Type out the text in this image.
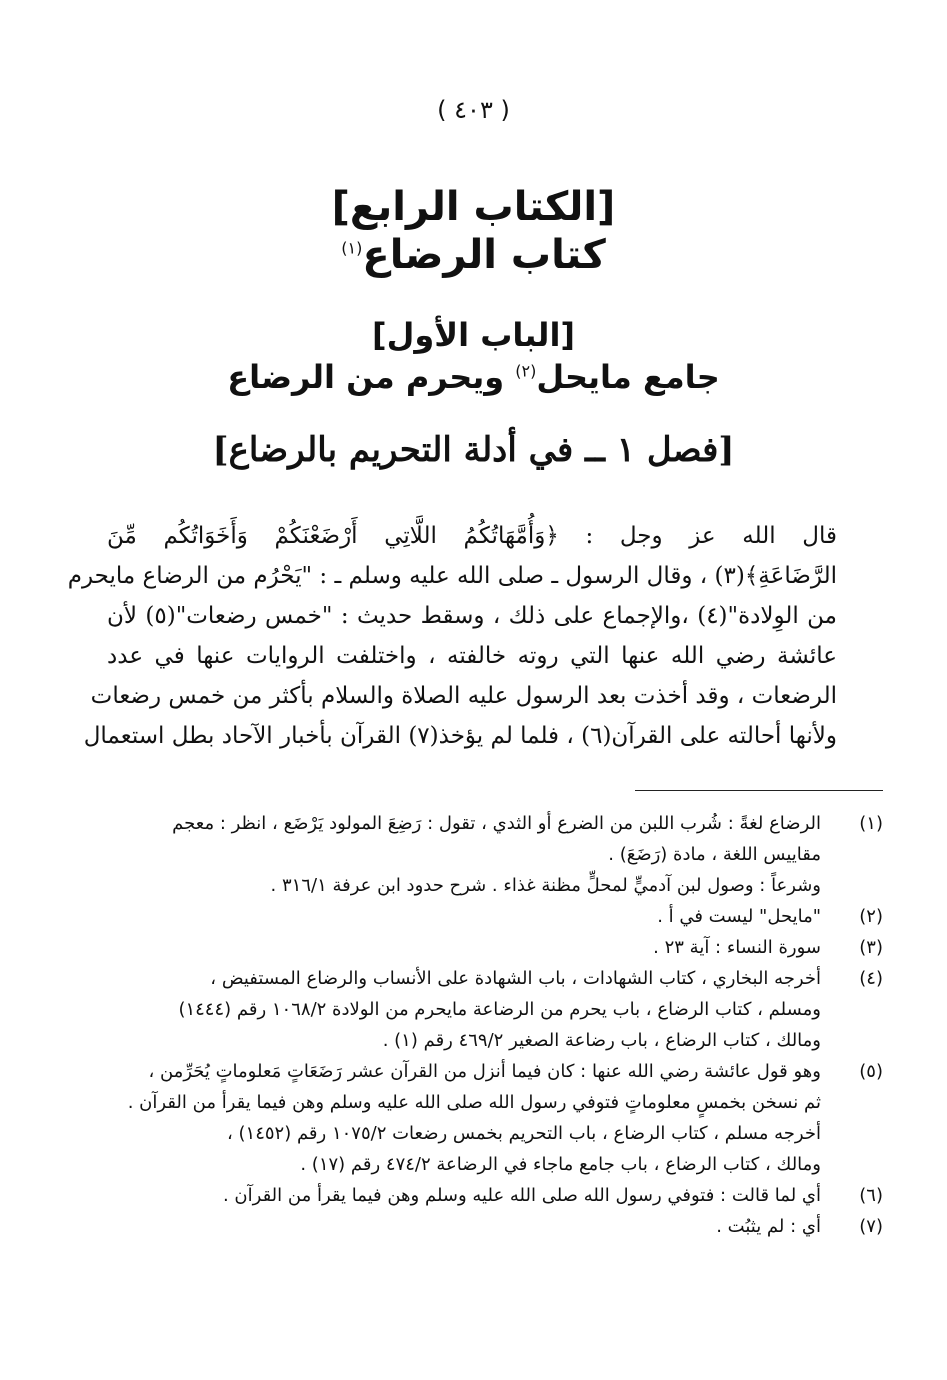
( ٤٠٣ )
[الكتاب الرابع]
كتاب الرضاع$^{(١)}$
[الباب الأول]
جامع مايحل$^{(٢)}$ ويحرم من الرضاع
[فصل ١ ــ في أدلة التحريم بالرضاع]
قال الله عز وجل : ﴿وَأُمَّهَاتُكُمُ اللَّاتِي أَرْضَعْنَكُمْ وَأَخَوَاتُكُم مِّنَ
الرَّضَاعَةِ﴾(٣) ، وقال الرسول ـ صلى الله عليه وسلم ـ : "يَحْرُم من الرضاع مايحرم
من الوِلادة"(٤) ،والإجماع على ذلك ، وسقط حديث : "خمس رضعات"(٥) لأن
عائشة رضي الله عنها التي روته خالفته ، واختلفت الروايات عنها في عدد
الرضعات ، وقد أخذت بعد الرسول عليه الصلاة والسلام بأكثر من خمس رضعات
ولأنها أحالته على القرآن(٦) ، فلما لم يؤخذ(٧) القرآن بأخبار الآحاد بطل استعمال
(١)
الرضاع لغةً : شُرب اللبن من الضرع أو الثدي ، تقول : رَضِعَ المولود يَرْضَع ، انظر : معجم
مقاييس اللغة ، مادة (رَضَعَ) .
وشرعاً : وصول لبن آدميٍّ لمحلٍّ مظنة غذاء . شرح حدود ابن عرفة ٣١٦/١ .
(٢)
"مايحل" ليست في أ .
(٣)
سورة النساء : آية ٢٣ .
(٤)
أخرجه البخاري ، كتاب الشهادات ، باب الشهادة على الأنساب والرضاع المستفيض ،
ومسلم ، كتاب الرضاع ، باب يحرم من الرضاعة مايحرم من الولادة ١٠٦٨/٢ رقم (١٤٤٤)
ومالك ، كتاب الرضاع ، باب رضاعة الصغير ٤٦٩/٢ رقم (١) .
(٥)
وهو قول عائشة رضي الله عنها : كان فيما أنزل من القرآن عشر رَضَعَاتٍ مَعلوماتٍ يُحَرِّمن ،
ثم نسخن بخمسٍ معلوماتٍ فتوفي رسول الله صلى الله عليه وسلم وهن فيما يقرأ من القرآن .
أخرجه مسلم ، كتاب الرضاع ، باب التحريم بخمس رضعات ١٠٧٥/٢ رقم (١٤٥٢) ،
ومالك ، كتاب الرضاع ، باب جامع ماجاء في الرضاعة ٤٧٤/٢ رقم (١٧) .
(٦)
أي لما قالت : فتوفي رسول الله صلى الله عليه وسلم وهن فيما يقرأ من القرآن .
(٧)
أي : لم يثبُت .
